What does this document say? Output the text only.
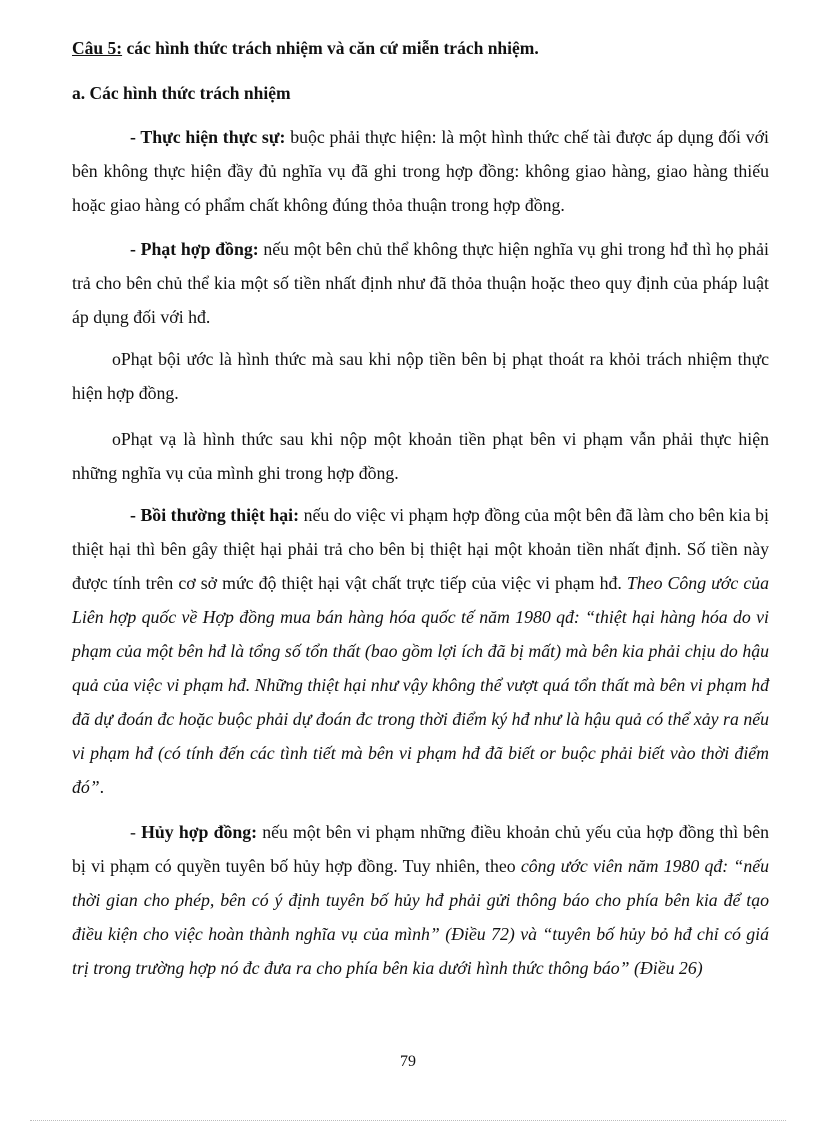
Câu 5: các hình thức trách nhiệm và căn cứ miễn trách nhiệm.
a. Các hình thức trách nhiệm
- Thực hiện thực sự: buộc phải thực hiện: là một hình thức chế tài được áp dụng đối với bên không thực hiện đầy đủ nghĩa vụ đã ghi trong hợp đồng: không giao hàng, giao hàng thiếu hoặc giao hàng có phẩm chất không đúng thỏa thuận trong hợp đồng.
- Phạt hợp đồng: nếu một bên chủ thể không thực hiện nghĩa vụ ghi trong hđ thì họ phải trả cho bên chủ thể kia một số tiền nhất định như đã thỏa thuận hoặc theo quy định của pháp luật áp dụng đối với hđ.
oPhạt bội ước là hình thức mà sau khi nộp tiền bên bị phạt thoát ra khỏi trách nhiệm thực hiện hợp đồng.
oPhạt vạ là hình thức sau khi nộp một khoản tiền phạt bên vi phạm vẫn phải thực hiện những nghĩa vụ của mình ghi trong hợp đồng.
- Bồi thường thiệt hại: nếu do việc vi phạm hợp đồng của một bên đã làm cho bên kia bị thiệt hại thì bên gây thiệt hại phải trả cho bên bị thiệt hại một khoản tiền nhất định. Số tiền này được tính trên cơ sở mức độ thiệt hại vật chất trực tiếp của việc vi phạm hđ. Theo Công ước của Liên hợp quốc về Hợp đồng mua bán hàng hóa quốc tế năm 1980 qđ: “thiệt hại hàng hóa do vi phạm của một bên hđ là tổng số tổn thất (bao gồm lợi ích đã bị mất) mà bên kia phải chịu do hậu quả của việc vi phạm hđ. Những thiệt hại như vậy không thể vượt quá tổn thất mà bên vi phạm hđ đã dự đoán đc hoặc buộc phải dự đoán đc trong thời điểm ký hđ như là hậu quả có thể xảy ra nếu vi phạm hđ (có tính đến các tình tiết mà bên vi phạm hđ đã biết or buộc phải biết vào thời điểm đó”.
- Hủy hợp đồng: nếu một bên vi phạm những điều khoản chủ yếu của hợp đồng thì bên bị vi phạm có quyền tuyên bố hủy hợp đồng. Tuy nhiên, theo công ước viên năm 1980 qđ: “nếu thời gian cho phép, bên có ý định tuyên bố hủy hđ phải gửi thông báo cho phía bên kia để tạo điều kiện cho việc hoàn thành nghĩa vụ của mình” (Điều 72) và “tuyên bố hủy bỏ hđ chỉ có giá trị trong trường hợp nó đc đưa ra cho phía bên kia dưới hình thức thông báo” (Điều 26)
79
